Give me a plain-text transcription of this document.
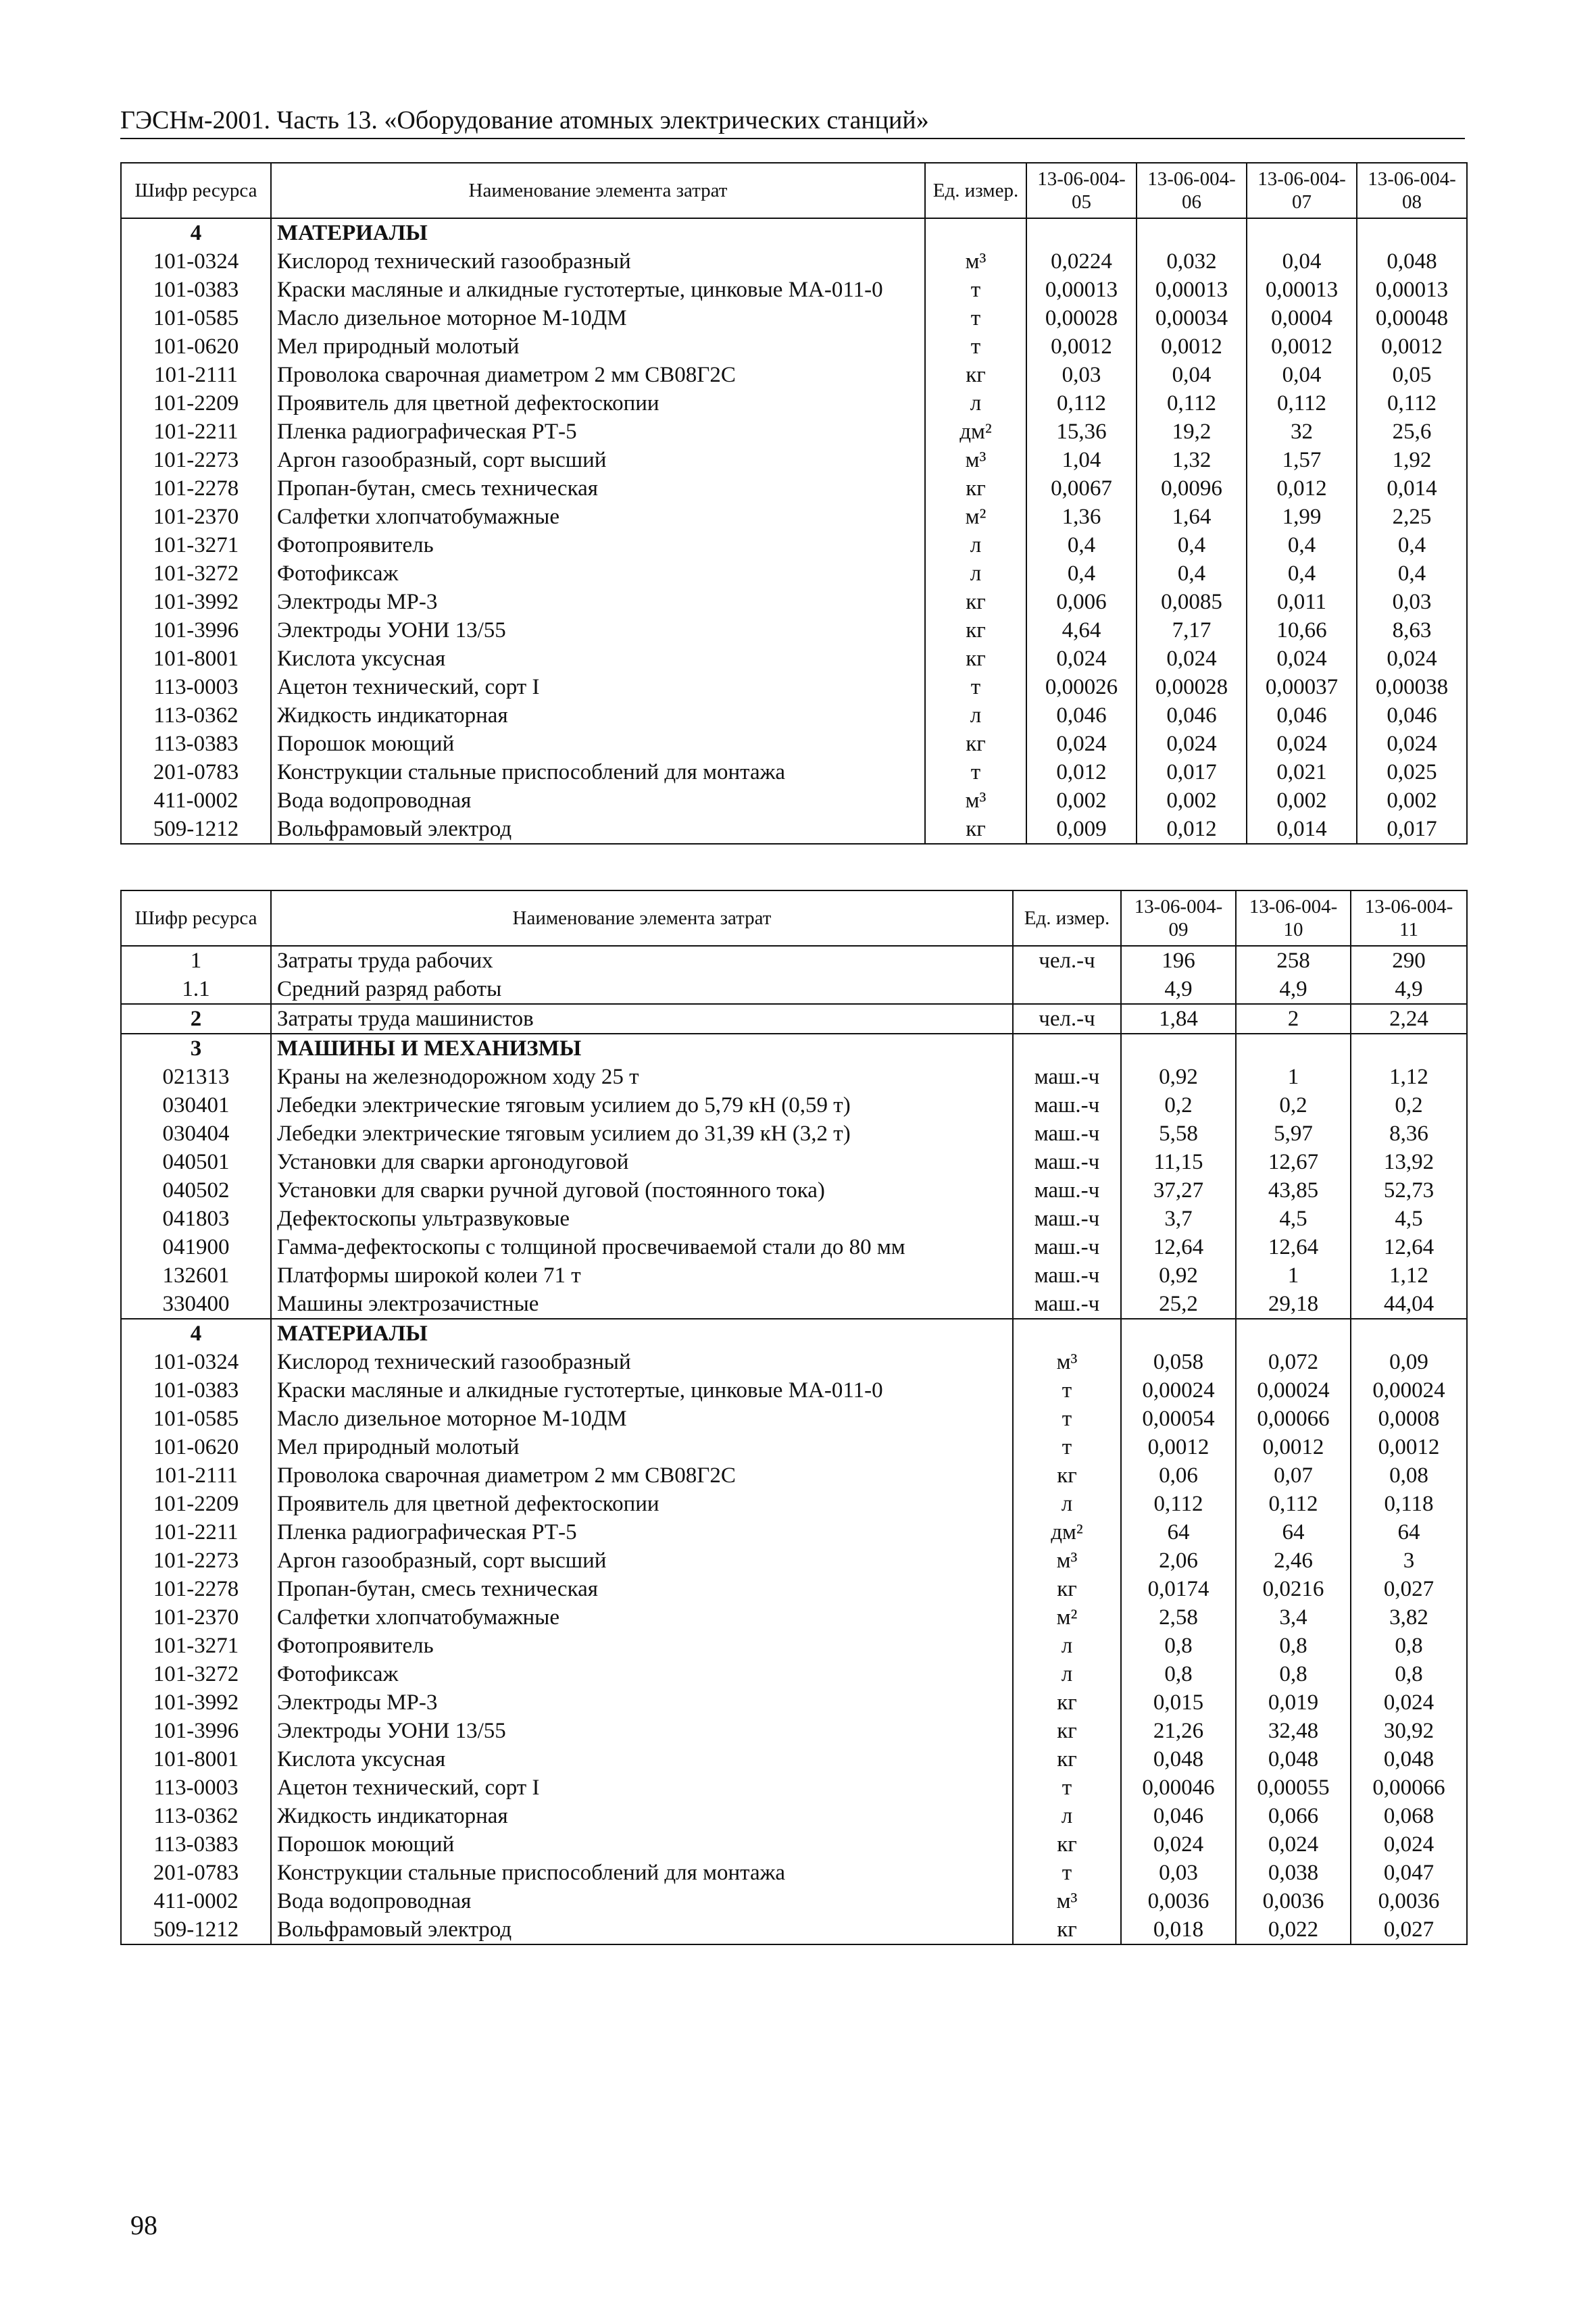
ГЭСНм-2001. Часть 13. «Оборудование атомных электрических станций»
Шифр ресурса	Наименование элемента затрат	Ед. измер.	13-06-004-05	13-06-004-06	13-06-004-07	13-06-004-08
4	МАТЕРИАЛЫ					
101-0324	Кислород технический газообразный	м³	0,0224	0,032	0,04	0,048
101-0383	Краски масляные и алкидные густотертые, цинковые МА-011-0	т	0,00013	0,00013	0,00013	0,00013
101-0585	Масло дизельное моторное М-10ДМ	т	0,00028	0,00034	0,0004	0,00048
101-0620	Мел природный молотый	т	0,0012	0,0012	0,0012	0,0012
101-2111	Проволока сварочная диаметром 2 мм СВ08Г2С	кг	0,03	0,04	0,04	0,05
101-2209	Проявитель для цветной дефектоскопии	л	0,112	0,112	0,112	0,112
101-2211	Пленка радиографическая РТ-5	дм²	15,36	19,2	32	25,6
101-2273	Аргон газообразный, сорт высший	м³	1,04	1,32	1,57	1,92
101-2278	Пропан-бутан, смесь техническая	кг	0,0067	0,0096	0,012	0,014
101-2370	Салфетки хлопчатобумажные	м²	1,36	1,64	1,99	2,25
101-3271	Фотопроявитель	л	0,4	0,4	0,4	0,4
101-3272	Фотофиксаж	л	0,4	0,4	0,4	0,4
101-3992	Электроды МР-3	кг	0,006	0,0085	0,011	0,03
101-3996	Электроды УОНИ 13/55	кг	4,64	7,17	10,66	8,63
101-8001	Кислота уксусная	кг	0,024	0,024	0,024	0,024
113-0003	Ацетон технический, сорт I	т	0,00026	0,00028	0,00037	0,00038
113-0362	Жидкость индикаторная	л	0,046	0,046	0,046	0,046
113-0383	Порошок моющий	кг	0,024	0,024	0,024	0,024
201-0783	Конструкции стальные приспособлений для монтажа	т	0,012	0,017	0,021	0,025
411-0002	Вода водопроводная	м³	0,002	0,002	0,002	0,002
509-1212	Вольфрамовый электрод	кг	0,009	0,012	0,014	0,017
Шифр ресурса	Наименование элемента затрат	Ед. измер.	13-06-004-09	13-06-004-10	13-06-004-11
1	Затраты труда рабочих	чел.-ч	196	258	290
1.1	Средний разряд работы		4,9	4,9	4,9
2	Затраты труда машинистов	чел.-ч	1,84	2	2,24
3	МАШИНЫ И МЕХАНИЗМЫ				
021313	Краны на железнодорожном ходу 25 т	маш.-ч	0,92	1	1,12
030401	Лебедки электрические тяговым усилием до 5,79 кН (0,59 т)	маш.-ч	0,2	0,2	0,2
030404	Лебедки электрические тяговым усилием до 31,39 кН (3,2 т)	маш.-ч	5,58	5,97	8,36
040501	Установки для сварки аргонодуговой	маш.-ч	11,15	12,67	13,92
040502	Установки для сварки ручной дуговой (постоянного тока)	маш.-ч	37,27	43,85	52,73
041803	Дефектоскопы ультразвуковые	маш.-ч	3,7	4,5	4,5
041900	Гамма-дефектоскопы с толщиной просвечиваемой стали до 80 мм	маш.-ч	12,64	12,64	12,64
132601	Платформы широкой колеи 71 т	маш.-ч	0,92	1	1,12
330400	Машины электрозачистные	маш.-ч	25,2	29,18	44,04
4	МАТЕРИАЛЫ				
101-0324	Кислород технический газообразный	м³	0,058	0,072	0,09
101-0383	Краски масляные и алкидные густотертые, цинковые МА-011-0	т	0,00024	0,00024	0,00024
101-0585	Масло дизельное моторное М-10ДМ	т	0,00054	0,00066	0,0008
101-0620	Мел природный молотый	т	0,0012	0,0012	0,0012
101-2111	Проволока сварочная диаметром 2 мм СВ08Г2С	кг	0,06	0,07	0,08
101-2209	Проявитель для цветной дефектоскопии	л	0,112	0,112	0,118
101-2211	Пленка радиографическая РТ-5	дм²	64	64	64
101-2273	Аргон газообразный, сорт высший	м³	2,06	2,46	3
101-2278	Пропан-бутан, смесь техническая	кг	0,0174	0,0216	0,027
101-2370	Салфетки хлопчатобумажные	м²	2,58	3,4	3,82
101-3271	Фотопроявитель	л	0,8	0,8	0,8
101-3272	Фотофиксаж	л	0,8	0,8	0,8
101-3992	Электроды МР-3	кг	0,015	0,019	0,024
101-3996	Электроды УОНИ 13/55	кг	21,26	32,48	30,92
101-8001	Кислота уксусная	кг	0,048	0,048	0,048
113-0003	Ацетон технический, сорт I	т	0,00046	0,00055	0,00066
113-0362	Жидкость индикаторная	л	0,046	0,066	0,068
113-0383	Порошок моющий	кг	0,024	0,024	0,024
201-0783	Конструкции стальные приспособлений для монтажа	т	0,03	0,038	0,047
411-0002	Вода водопроводная	м³	0,0036	0,0036	0,0036
509-1212	Вольфрамовый электрод	кг	0,018	0,022	0,027
98
